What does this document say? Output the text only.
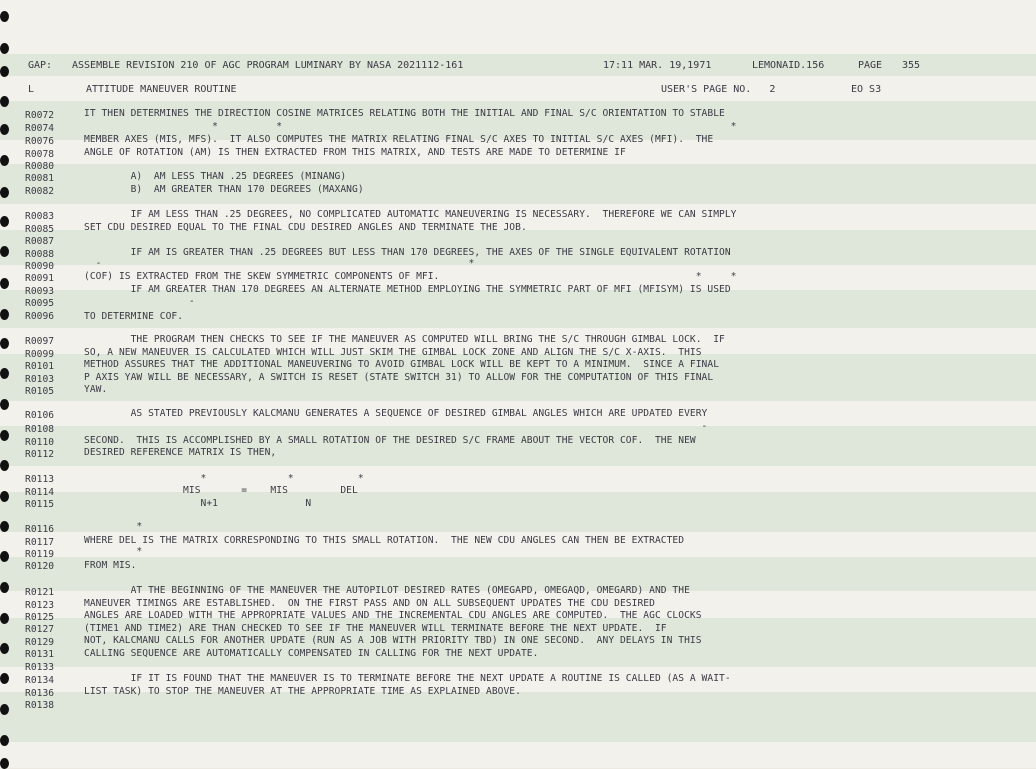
GAP: ASSEMBLE REVISION 210 OF AGC PROGRAM LUMINARY BY NASA 2021112-161	17:11 MAR. 19,1971	LEMONAID.156	PAGE 355
L	ATTITUDE MANEUVER ROUTINE	USER'S PAGE NO.   2	EO S3
R0072	IT THEN DETERMINES THE DIRECTION COSINE MATRICES RELATING BOTH THE INITIAL AND FINAL S/C ORIENTATION TO STABLE
R0074	*          *                                                                             *
R0076	MEMBER AXES (MIS, MFS).  IT ALSO COMPUTES THE MATRIX RELATING FINAL S/C AXES TO INITIAL S/C AXES (MFI).  THE
R0078	ANGLE OF ROTATION (AM) IS THEN EXTRACTED FROM THIS MATRIX, AND TESTS ARE MADE TO DETERMINE IF
R0080
R0081	A)  AM LESS THAN .25 DEGREES (MINANG)
R0082	B)  AM GREATER THAN 170 DEGREES (MAXANG)
R0083	IF AM LESS THAN .25 DEGREES, NO COMPLICATED AUTOMATIC MANEUVERING IS NECESSARY.  THEREFORE WE CAN SIMPLY
R0085	SET CDU DESIRED EQUAL TO THE FINAL CDU DESIRED ANGLES AND TERMINATE THE JOB.
R0087
R0088	IF AM IS GREATER THAN .25 DEGREES BUT LESS THAN 170 DEGREES, THE AXES OF THE SINGLE EQUIVALENT ROTATION
R0090	-                                                               *
R0091	(COF) IS EXTRACTED FROM THE SKEW SYMMETRIC COMPONENTS OF MFI.                                            *     *
R0093	IF AM GREATER THAN 170 DEGREES AN ALTERNATE METHOD EMPLOYING THE SYMMETRIC PART OF MFI (MFISYM) IS USED
R0095	-
R0096	TO DETERMINE COF.
R0097	THE PROGRAM THEN CHECKS TO SEE IF THE MANEUVER AS COMPUTED WILL BRING THE S/C THROUGH GIMBAL LOCK.  IF
R0099	SO, A NEW MANEUVER IS CALCULATED WHICH WILL JUST SKIM THE GIMBAL LOCK ZONE AND ALIGN THE S/C X-AXIS.  THIS
R0101	METHOD ASSURES THAT THE ADDITIONAL MANEUVERING TO AVOID GIMBAL LOCK WILL BE KEPT TO A MINIMUM.  SINCE A FINAL
R0103	P AXIS YAW WILL BE NECESSARY, A SWITCH IS RESET (STATE SWITCH 31) TO ALLOW FOR THE COMPUTATION OF THIS FINAL
R0105	YAW.
R0106	AS STATED PREVIOUSLY KALCMANU GENERATES A SEQUENCE OF DESIRED GIMBAL ANGLES WHICH ARE UPDATED EVERY
R0108	-
R0110	SECOND.  THIS IS ACCOMPLISHED BY A SMALL ROTATION OF THE DESIRED S/C FRAME ABOUT THE VECTOR COF.  THE NEW
R0112	DESIRED REFERENCE MATRIX IS THEN,
R0113	*              *           *
R0114	MIS       =    MIS         DEL
R0115	N+1               N
R0116	*
R0117	WHERE DEL IS THE MATRIX CORRESPONDING TO THIS SMALL ROTATION.  THE NEW CDU ANGLES CAN THEN BE EXTRACTED
R0119	*
R0120	FROM MIS.
R0121	AT THE BEGINNING OF THE MANEUVER THE AUTOPILOT DESIRED RATES (OMEGAPD, OMEGAQD, OMEGARD) AND THE
R0123	MANEUVER TIMINGS ARE ESTABLISHED.  ON THE FIRST PASS AND ON ALL SUBSEQUENT UPDATES THE CDU DESIRED
R0125	ANGLES ARE LOADED WITH THE APPROPRIATE VALUES AND THE INCREMENTAL CDU ANGLES ARE COMPUTED.  THE AGC CLOCKS
R0127	(TIME1 AND TIME2) ARE THAN CHECKED TO SEE IF THE MANEUVER WILL TERMINATE BEFORE THE NEXT UPDATE.  IF
R0129	NOT, KALCMANU CALLS FOR ANOTHER UPDATE (RUN AS A JOB WITH PRIORITY TBD) IN ONE SECOND.  ANY DELAYS IN THIS
R0131	CALLING SEQUENCE ARE AUTOMATICALLY COMPENSATED IN CALLING FOR THE NEXT UPDATE.
R0133
R0134	IF IT IS FOUND THAT THE MANEUVER IS TO TERMINATE BEFORE THE NEXT UPDATE A ROUTINE IS CALLED (AS A WAIT-
R0136	LIST TASK) TO STOP THE MANEUVER AT THE APPROPRIATE TIME AS EXPLAINED ABOVE.
R0138
